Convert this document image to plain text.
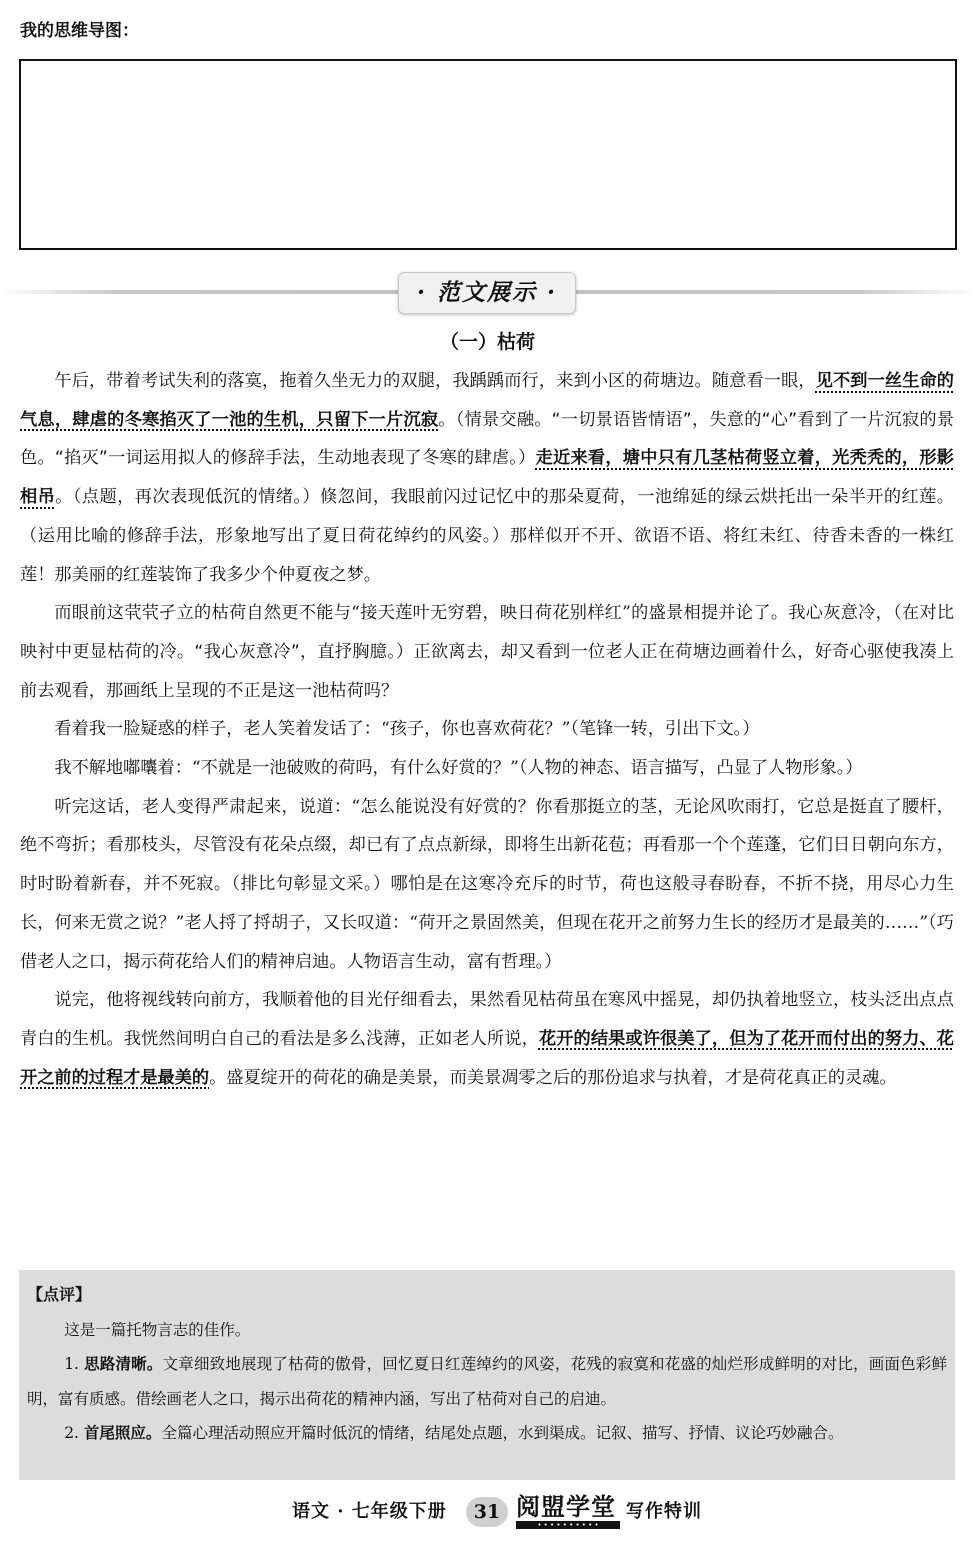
我的思维导图：
· 范文展示 ·
（一）枯荷

午后，带着考试失利的落寞，拖着久坐无力的双腿，我踽踽而行，来到小区的荷塘边。随意看一眼，见不到一丝生命的气息，肆虐的冬寒掐灭了一池的生机，只留下一片沉寂。（情景交融。“一切景语皆情语”，失意的“心”看到了一片沉寂的景色。“掐灭”一词运用拟人的修辞手法，生动地表现了冬寒的肆虐。）走近来看，塘中只有几茎枯荷竖立着，光秃秃的，形影相吊。（点题，再次表现低沉的情绪。）倏忽间，我眼前闪过记忆中的那朵夏荷，一池绵延的绿云烘托出一朵半开的红莲。（运用比喻的修辞手法，形象地写出了夏日荷花绰约的风姿。）那样似开不开、欲语不语、将红未红、待香未香的一株红莲！那美丽的红莲装饰了我多少个仲夏夜之梦。

而眼前这茕茕孑立的枯荷自然更不能与“接天莲叶无穷碧，映日荷花别样红”的盛景相提并论了。我心灰意冷，（在对比映衬中更显枯荷的冷。“我心灰意冷”，直抒胸臆。）正欲离去，却又看到一位老人正在荷塘边画着什么，好奇心驱使我凑上前去观看，那画纸上呈现的不正是这一池枯荷吗？

看着我一脸疑惑的样子，老人笑着发话了：“孩子，你也喜欢荷花？”（笔锋一转，引出下文。）

我不解地嘟囔着：“不就是一池破败的荷吗，有什么好赏的？”（人物的神态、语言描写，凸显了人物形象。）

听完这话，老人变得严肃起来，说道：“怎么能说没有好赏的？你看那挺立的茎，无论风吹雨打，它总是挺直了腰杆，绝不弯折；看那枝头，尽管没有花朵点缀，却已有了点点新绿，即将生出新花苞；再看那一个个莲蓬，它们日日朝向东方，时时盼着新春，并不死寂。（排比句彰显文采。）哪怕是在这寒冷充斥的时节，荷也这般寻春盼春，不折不挠，用尽心力生长，何来无赏之说？”老人捋了捋胡子，又长叹道：“荷开之景固然美，但现在花开之前努力生长的经历才是最美的……”（巧借老人之口，揭示荷花给人们的精神启迪。人物语言生动，富有哲理。）

说完，他将视线转向前方，我顺着他的目光仔细看去，果然看见枯荷虽在寒风中摇晃，却仍执着地竖立，枝头泛出点点青白的生机。我恍然间明白自己的看法是多么浅薄，正如老人所说，花开的结果或许很美了，但为了花开而付出的努力、花开之前的过程才是最美的。盛夏绽开的荷花的确是美景，而美景凋零之后的那份追求与执着，才是荷花真正的灵魂。

【点评】

这是一篇托物言志的佳作。

1. 思路清晰。文章细致地展现了枯荷的傲骨，回忆夏日红莲绰约的风姿，花残的寂寞和花盛的灿烂形成鲜明的对比，画面色彩鲜明，富有质感。借绘画老人之口，揭示出荷花的精神内涵，写出了枯荷对自己的启迪。

2. 首尾照应。全篇心理活动照应开篇时低沉的情绪，结尾处点题，水到渠成。记叙、描写、抒情、议论巧妙融合。

语文 · 七年级下册	31 阅盟学堂
• • • • • • • • • •
写作特训
